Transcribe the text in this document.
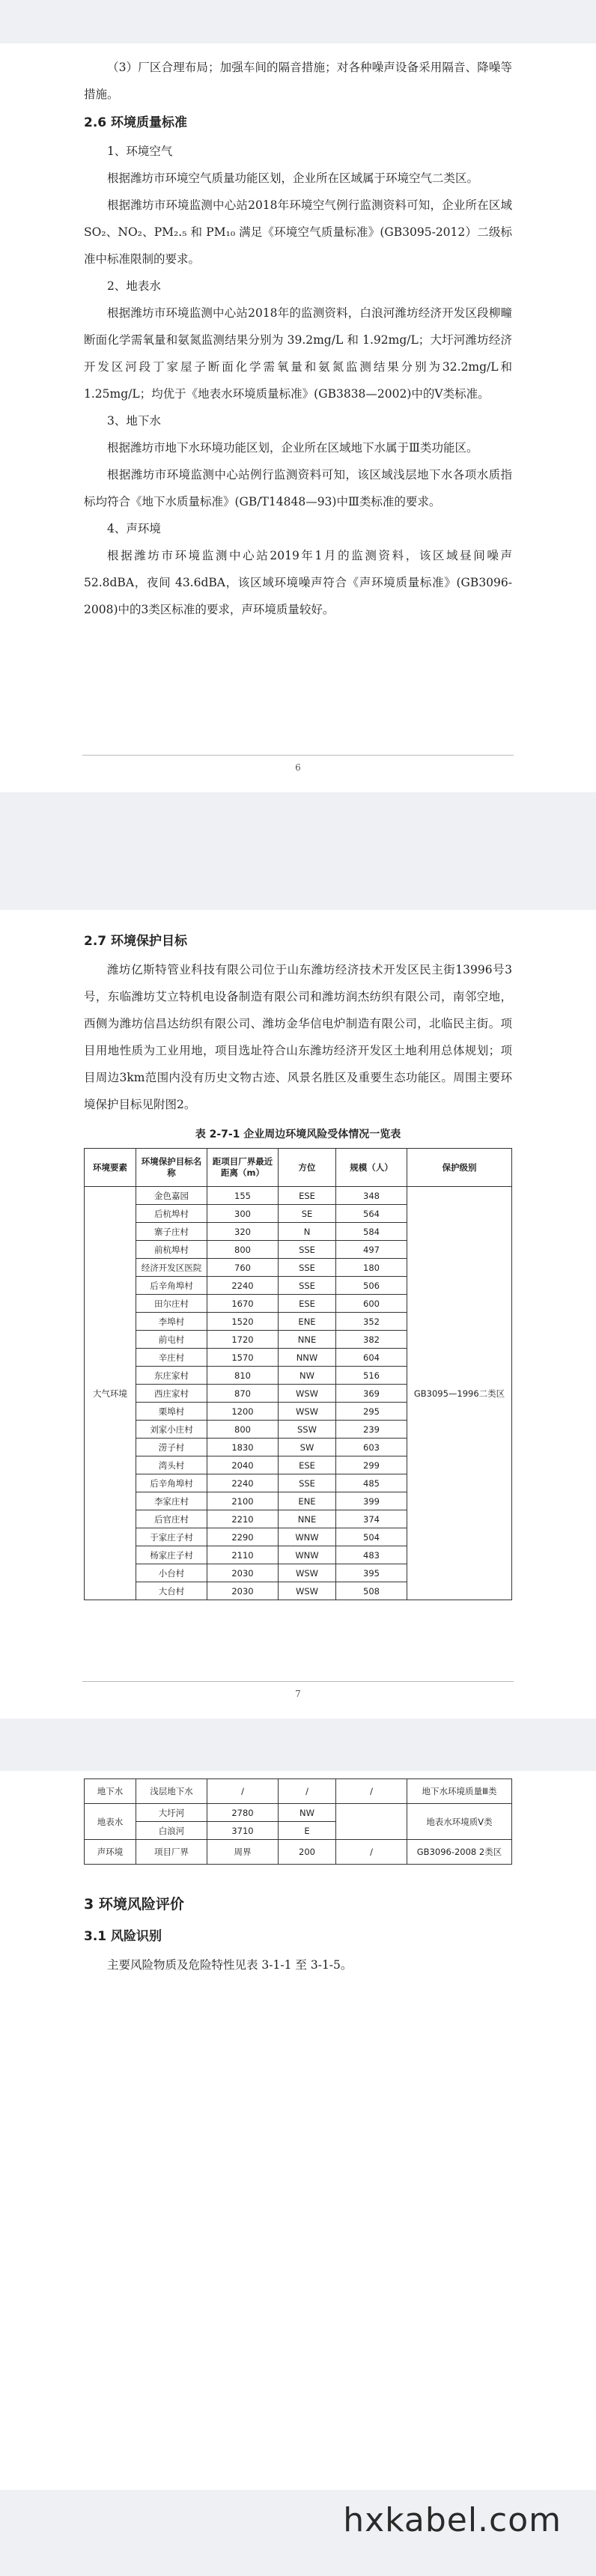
（3）厂区合理布局；加强车间的隔音措施；对各种噪声设备采用隔音、降噪等措施。

2.6 环境质量标准

1、环境空气

根据潍坊市环境空气质量功能区划，企业所在区域属于环境空气二类区。

根据潍坊市环境监测中心站2018年环境空气例行监测资料可知，企业所在区域 SO₂、NO₂、PM₂.₅ 和 PM₁₀ 满足《环境空气质量标准》(GB3095-2012）二级标准中标准限制的要求。

2、地表水

根据潍坊市环境监测中心站2018年的监测资料，白浪河潍坊经济开发区段柳疃断面化学需氧量和氨氮监测结果分别为 39.2mg/L 和 1.92mg/L；大圩河潍坊经济开发区河段丁家屋子断面化学需氧量和氨氮监测结果分别为32.2mg/L和1.25mg/L；均优于《地表水环境质量标准》(GB3838—2002)中的Ⅴ类标准。

3、地下水

根据潍坊市地下水环境功能区划，企业所在区域地下水属于Ⅲ类功能区。

根据潍坊市环境监测中心站例行监测资料可知，该区域浅层地下水各项水质指标均符合《地下水质量标准》(GB/T14848—93)中Ⅲ类标准的要求。

4、声环境

根据潍坊市环境监测中心站2019年1月的监测资料，该区域昼间噪声 52.8dBA，夜间 43.6dBA，该区域环境噪声符合《声环境质量标准》(GB3096-2008)中的3类区标准的要求，声环境质量较好。

6
2.7 环境保护目标

潍坊亿斯特管业科技有限公司位于山东潍坊经济技术开发区民主街13996号3号，东临潍坊艾立特机电设备制造有限公司和潍坊润杰纺织有限公司，南邻空地，西侧为潍坊信昌达纺织有限公司、潍坊金华信电炉制造有限公司，北临民主街。项目用地性质为工业用地，项目选址符合山东潍坊经济开发区土地利用总体规划；项目周边3km范围内没有历史文物古迹、风景名胜区及重要生态功能区。周围主要环境保护目标见附图2。

表 2-7-1 企业周边环境风险受体情况一览表
环境要素	环境保护目标名称	距项目厂界最近距离（m）	方位	规模（人）	保护级别
大气环境	金色嘉园	155	ESE	348	GB3095—1996二类区
	后杭埠村	300	SE	564	
	寨子庄村	320	N	584	
	前杭埠村	800	SSE	497	
	经济开发区医院	760	SSE	180	
	后辛角埠村	2240	SSE	506	
	田尔庄村	1670	ESE	600	
	李埠村	1520	ENE	352	
	前屯村	1720	NNE	382	
	辛庄村	1570	NNW	604	
	东庄家村	810	NW	516	
	西庄家村	870	WSW	369	
	栗埠村	1200	WSW	295	
	刘家小庄村	800	SSW	239	
	涝子村	1830	SW	603	
	湾头村	2040	ESE	299	
	后辛角埠村	2240	SSE	485	
	李家庄村	2100	ENE	399	
	后官庄村	2210	NNE	374	
	于家庄子村	2290	WNW	504	
	杨家庄子村	2110	WNW	483	
	小台村	2030	WSW	395	
	大台村	2030	WSW	508	
7
地下水	浅层地下水	/	/	/	地下水环境质量Ⅲ类
地表水	大圩河	2780	NW		地表水环境质Ⅴ类
	白浪河	3710	E		
声环境	项目厂界	周界	200	/	GB3096-2008 2类区
3 环境风险评价
3.1 风险识别

主要风险物质及危险特性见表 3-1-1 至 3-1-5。

hxkabel.com
